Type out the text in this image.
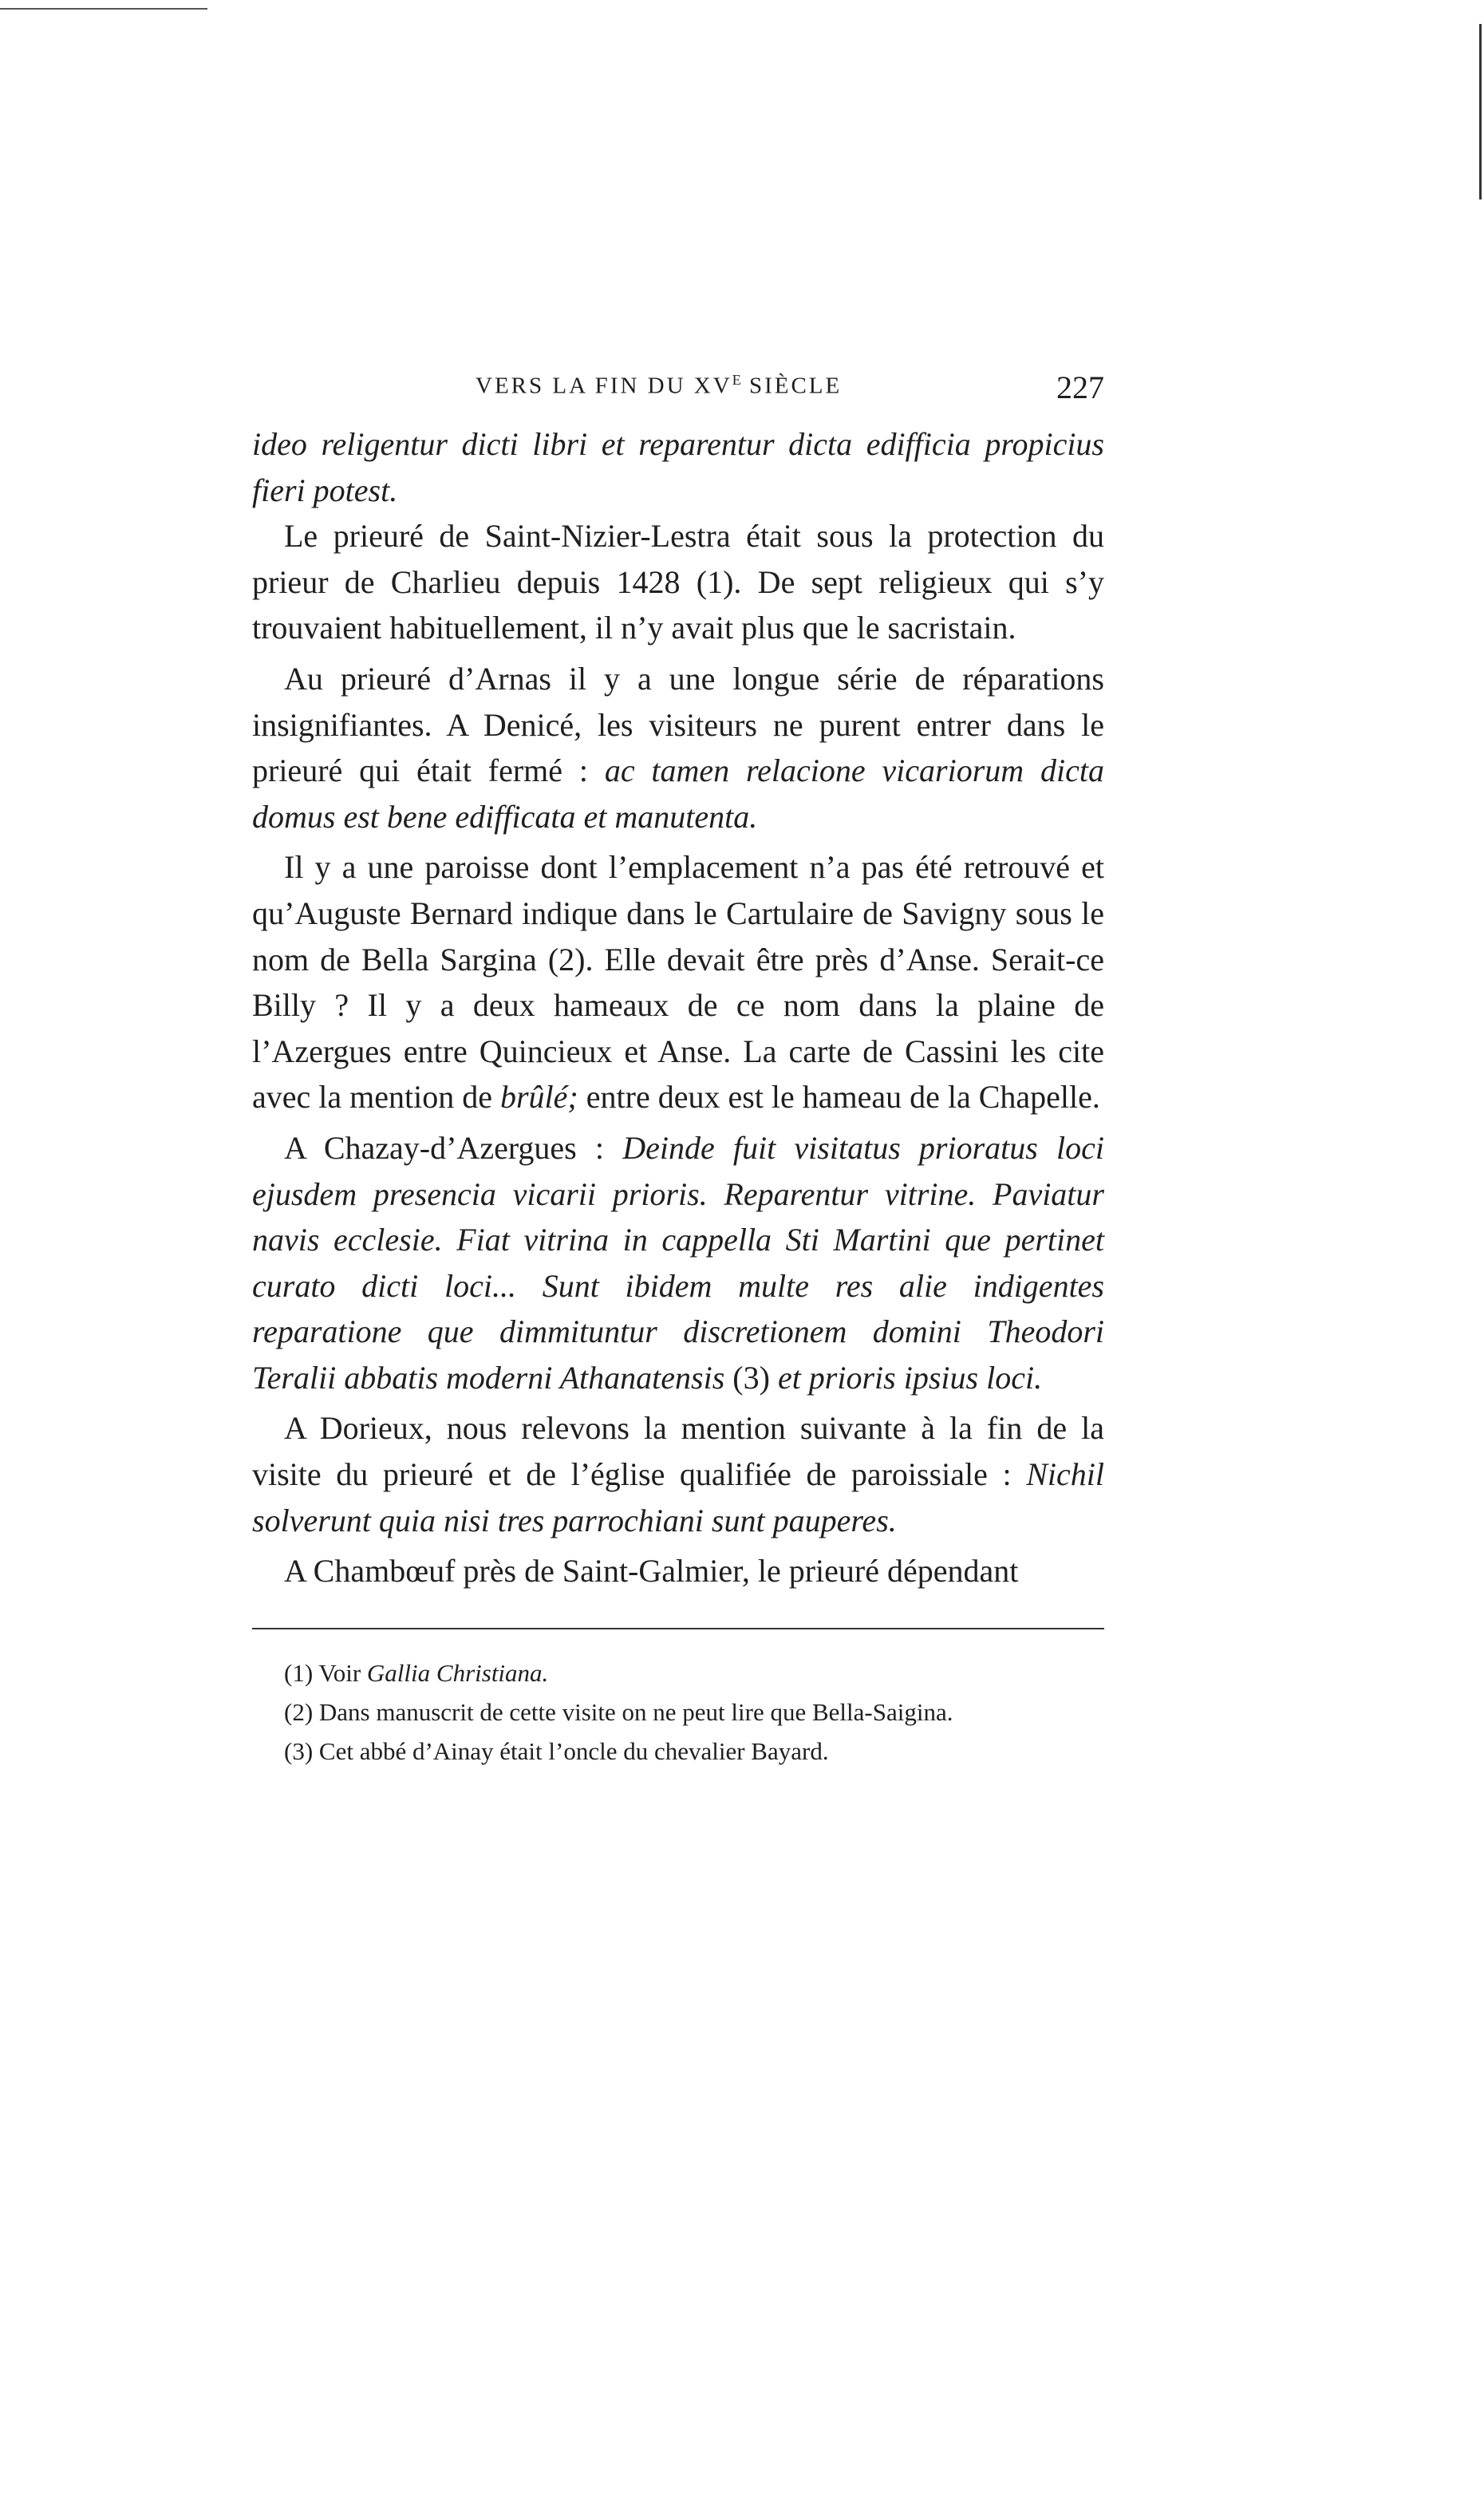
VERS LA FIN DU $XV^E$ SIÈCLE	227

ideo religentur dicti libri et reparentur dicta edifficia propicius fieri potest.

Le prieuré de Saint-Nizier-Lestra était sous la protection du prieur de Charlieu depuis 1428 (1). De sept religieux qui s’y trouvaient habituellement, il n’y avait plus que le sacristain.

Au prieuré d’Arnas il y a une longue série de réparations insignifiantes. A Denicé, les visiteurs ne purent entrer dans le prieuré qui était fermé : ac tamen relacione vicariorum dicta domus est bene edifficata et manutenta.

Il y a une paroisse dont l’emplacement n’a pas été retrouvé et qu’Auguste Bernard indique dans le Cartulaire de Savigny sous le nom de Bella Sargina (2). Elle devait être près d’Anse. Serait-ce Billy ? Il y a deux hameaux de ce nom dans la plaine de l’Azergues entre Quincieux et Anse. La carte de Cassini les cite avec la mention de brûlé; entre deux est le hameau de la Chapelle.

A Chazay-d’Azergues : Deinde fuit visitatus prioratus loci ejusdem presencia vicarii prioris. Reparentur vitrine. Paviatur navis ecclesie. Fiat vitrina in cappella Sti Martini que pertinet curato dicti loci... Sunt ibidem multe res alie indigentes reparatione que dimmituntur discretionem domini Theodori Teralii abbatis moderni Athanatensis (3) et prioris ipsius loci.

A Dorieux, nous relevons la mention suivante à la fin de la visite du prieuré et de l’église qualifiée de paroissiale : Nichil solverunt quia nisi tres parrochiani sunt pauperes.

A Chambœuf près de Saint-Galmier, le prieuré dépendant

(1) Voir Gallia Christiana.

(2) Dans manuscrit de cette visite on ne peut lire que Bella-Saigina.

(3) Cet abbé d’Ainay était l’oncle du chevalier Bayard.
